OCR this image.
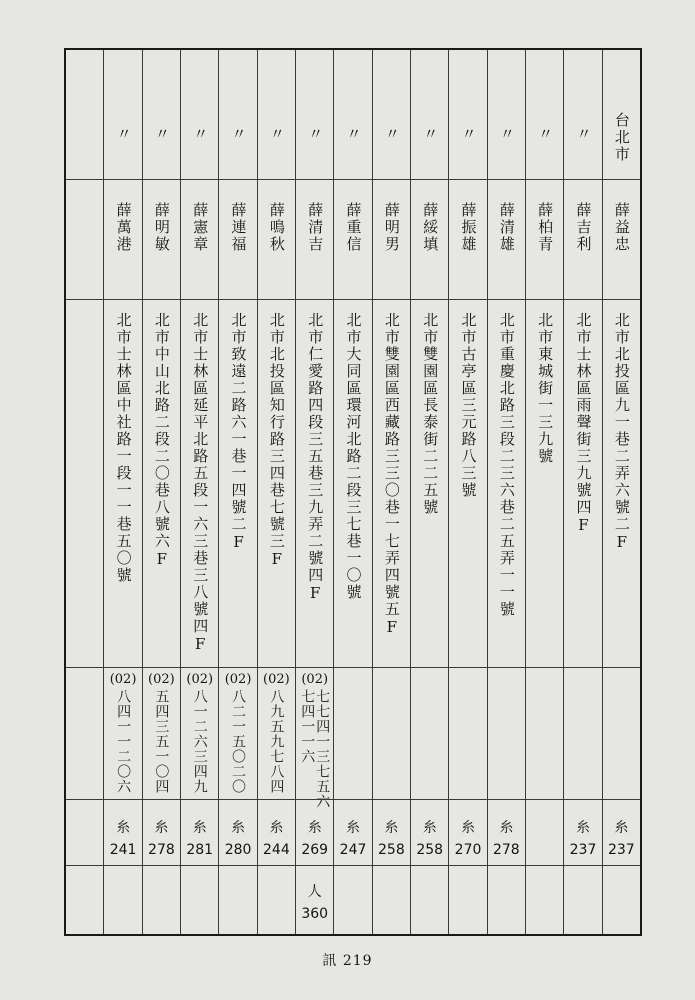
台北市
薛益忠
北市北投區九一巷二弄六號二F
糸
237
〃
薛吉利
北市士林區雨聲街三九號四F
糸
237
〃
薛柏青
北市東城街一三九號
〃
薛清雄
北市重慶北路三段二三六巷二五弄一一號
糸
278
〃
薛振雄
北市古亭區三元路八三號
糸
270
〃
薛綏填
北市雙園區長泰街二二五號
糸
258
〃
薛明男
北市雙園區西藏路三三〇巷一七弄四號五F
糸
258
〃
薛重信
北市大同區環河北路二段三七巷一〇號
糸
247
〃
薛清吉
北市仁愛路四段三五巷三九弄二號四F
(02)
七七四一三七五六
七四一一六
糸
269
人
360
〃
薛鳴秋
北市北投區知行路三四巷七號三F
(02)
八九五九七八四
糸
244
〃
薛連福
北市致遠二路六一巷一四號二F
(02)
八二一五〇二〇
糸
280
〃
薛憲章
北市士林區延平北路五段一六三巷三八號四F
(02)
八一二六三四九
糸
281
〃
薛明敏
北市中山北路二段二〇巷八號六F
(02)
五四三五一〇四
糸
278
〃
薛萬港
北市士林區中社路一段一一巷五〇號
(02)
八四一一二〇六
糸
241
訊 219
